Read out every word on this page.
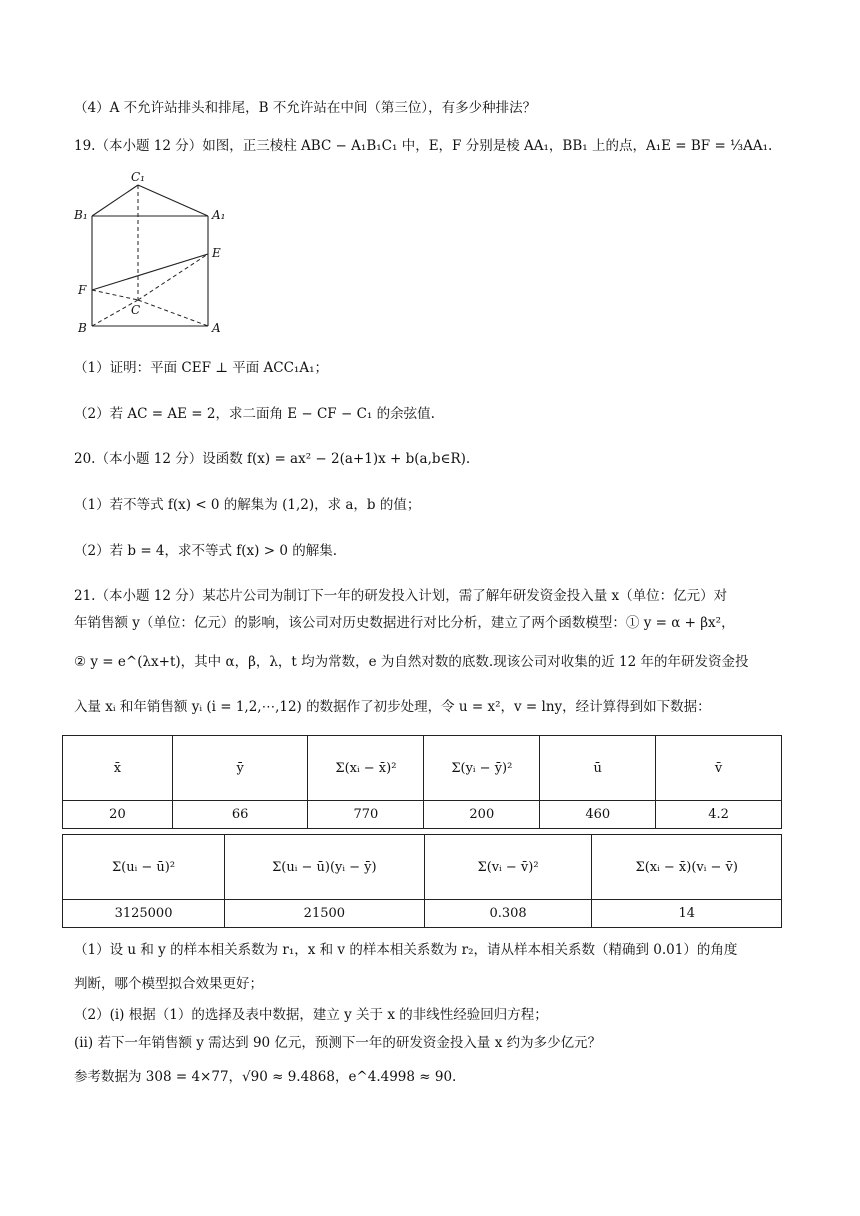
（4）A 不允许站排头和排尾，B 不允许站在中间（第三位），有多少种排法？
19.（本小题 12 分）如图，正三棱柱 ABC − A₁B₁C₁ 中，E，F 分别是棱 AA₁，BB₁ 上的点，A₁E = BF = ⅓AA₁.
C₁
B₁	A₁
E
F
C
B	A
（1）证明：平面 CEF ⊥ 平面 ACC₁A₁；
（2）若 AC = AE = 2，求二面角 E − CF − C₁ 的余弦值.
20.（本小题 12 分）设函数 f(x) = ax² − 2(a+1)x + b(a,b∈R).
（1）若不等式 f(x) < 0 的解集为 (1,2)，求 a，b 的值；
（2）若 b = 4，求不等式 f(x) > 0 的解集.
21.（本小题 12 分）某芯片公司为制订下一年的研发投入计划，需了解年研发资金投入量 x（单位：亿元）对
年销售额 y（单位：亿元）的影响，该公司对历史数据进行对比分析，建立了两个函数模型：① y = α + βx²，
② y = e^(λx+t)，其中 α，β，λ，t 均为常数，e 为自然对数的底数.现该公司对收集的近 12 年的年研发资金投
入量 xᵢ 和年销售额 yᵢ (i = 1,2,⋯,12) 的数据作了初步处理，令 u = x²，v = lny，经计算得到如下数据：
x̄	ȳ	Σ(xᵢ − x̄)²	Σ(yᵢ − ȳ)²	ū	v̄
20	66	770	200	460	4.2
Σ(uᵢ − ū)²	Σ(uᵢ − ū)(yᵢ − ȳ)	Σ(vᵢ − v̄)²	Σ(xᵢ − x̄)(vᵢ − v̄)
3125000	21500	0.308	14
（1）设 u 和 y 的样本相关系数为 r₁，x 和 v 的样本相关系数为 r₂，请从样本相关系数（精确到 0.01）的角度
判断，哪个模型拟合效果更好；
（2）(ⅰ) 根据（1）的选择及表中数据，建立 y 关于 x 的非线性经验回归方程；
(ⅱ) 若下一年销售额 y 需达到 90 亿元，预测下一年的研发资金投入量 x 约为多少亿元？
参考数据为 308 = 4×77，√90 ≈ 9.4868，e^4.4998 ≈ 90.
